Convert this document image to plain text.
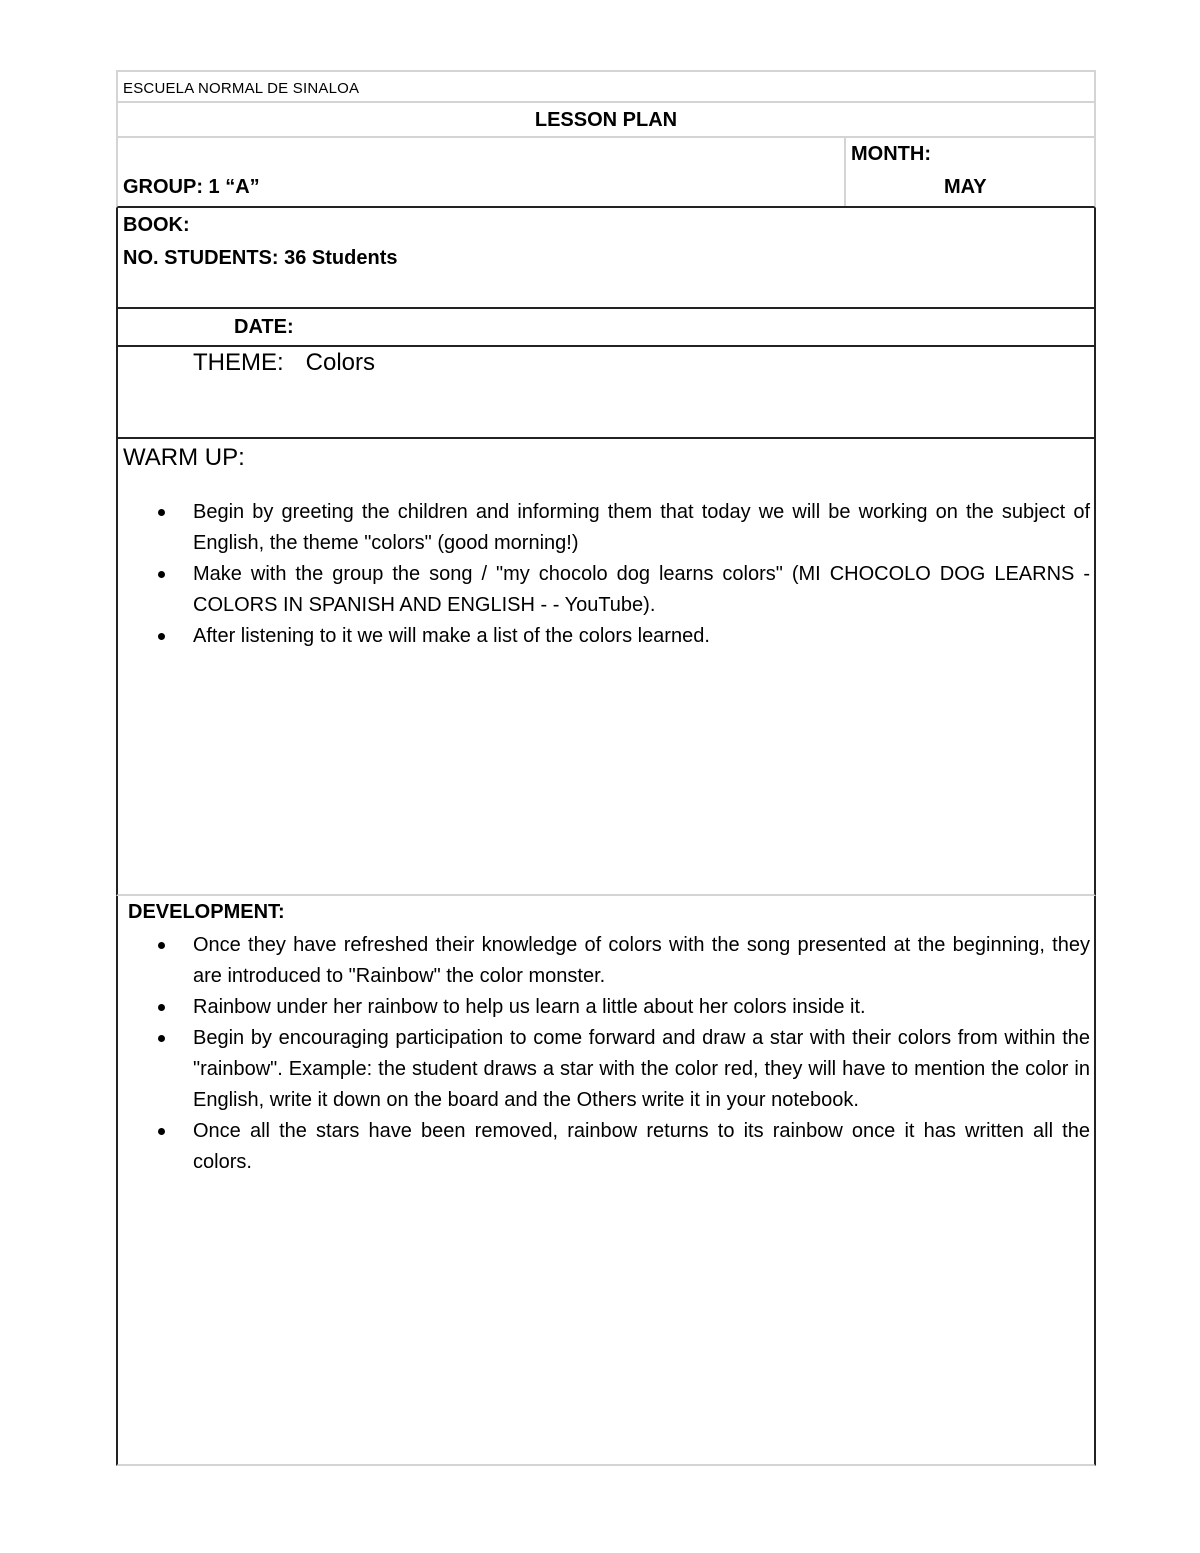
ESCUELA NORMAL DE SINALOA
LESSON PLAN
GROUP: 1 “A”
MONTH:
MAY
BOOK:
NO. STUDENTS: 36 Students
DATE:
THEME: Colors
WARM UP:
Begin by greeting the children and informing them that today we will be working on the subject of English, the theme "colors" (good morning!)
Make with the group the song / "my chocolo dog learns colors" (MI CHOCOLO DOG LEARNS - COLORS IN SPANISH AND ENGLISH - - YouTube).
After listening to it we will make a list of the colors learned.
DEVELOPMENT:
Once they have refreshed their knowledge of colors with the song presented at the beginning, they are introduced to "Rainbow" the color monster.
Rainbow under her rainbow to help us learn a little about her colors inside it.
Begin by encouraging participation to come forward and draw a star with their colors from within the "rainbow". Example: the student draws a star with the color red, they will have to mention the color in English, write it down on the board and the Others write it in your notebook.
Once all the stars have been removed, rainbow returns to its rainbow once it has written all the colors.
